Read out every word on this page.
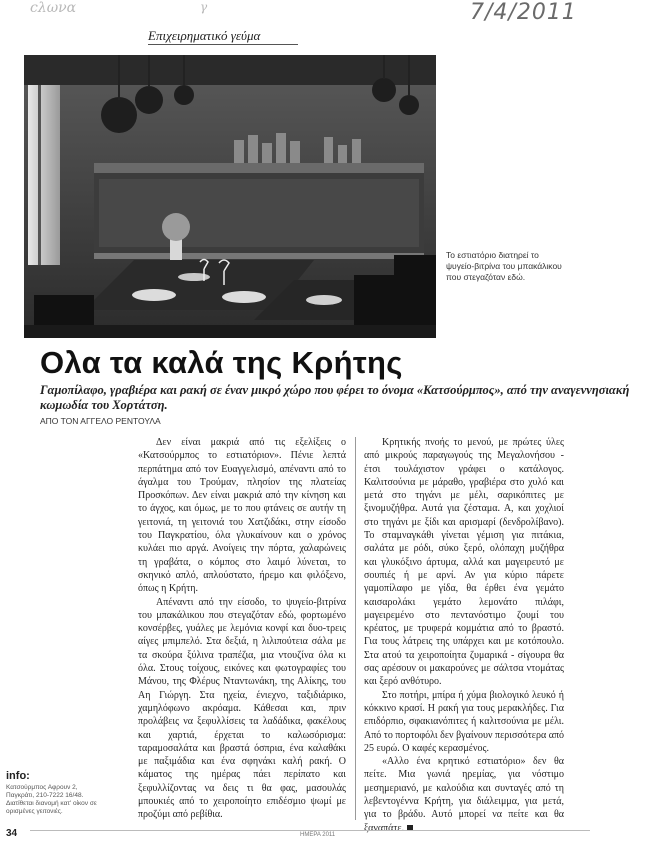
cλωνα	γ	7/4/2011
Επιχειρηματικό γεύμα
Το εστιατόριο διατηρεί το ψυγείο-βιτρίνα του μπακάλικου που στεγαζόταν εδώ.
Ολα τα καλά της Κρήτης
Γαμοπίλαφο, γραβιέρα και ρακή σε έναν μικρό χώρο που φέρει το όνομα «Κατσούρμπος», από την αναγεννησιακή κωμωδία του Χορτάτση.
ΑΠΟ ΤΟΝ ΑΓΓΕΛΟ ΡΕΝΤΟΥΛΑ

Δεν είναι μακριά από τις εξελίξεις ο «Κατσούρμπος το εστιατόριον». Πένιε λεπτά περπάτημα από τον Ευαγγελισμό, απέναντι από το άγαλμα του Τρούμαν, πλησίον της πλατείας Προσκόπων. Δεν είναι μακριά από την κίνηση και το άγχος, και όμως, με το που φτάνεις σε αυτήν τη γειτονιά, τη γειτονιά του Χατζιδάκι, στην είσοδο του Παγκρατίου, όλα γλυκαίνουν και ο χρόνος κυλάει πιο αργά. Ανοίγεις την πόρτα, χαλαρώνεις τη γραβάτα, ο κόμπος στο λαιμό λύνεται, το σκηνικό απλό, απλούστατο, ήρεμο και φιλόξενο, όπως η Κρήτη.

Απέναντι από την είσοδο, το ψυγείο-βιτρίνα του μπακάλικου που στεγαζόταν εδώ, φορτωμένο κονσέρβες, γυάλες με λεμόνια κονφί και δυο-τρεις αίγες μπιμπελό. Στα δεξιά, η λιλιπούτεια σάλα με τα σκούρα ξύλινα τραπέζια, μια ντουζίνα όλα κι όλα. Στους τοίχους, εικόνες και φωτογραφίες του Μάνου, της Φλέρυς Νταντωνάκη, της Αλίκης, του Αη Γιώργη. Στα ηχεία, ένιεχνο, ταξιδιάρικο, χαμηλόφωνο ακρόαμα. Κάθεσαι και, πριν προλάβεις να ξεφυλλίσεις τα λαδάδικα, φακέλους και χαρτιά, έρχεται το καλωσόρισμα: ταραμοσαλάτα και βραστά όσπρια, ένα καλαθάκι με παξιμάδια και ένα σφηνάκι καλή ρακή. Ο κάματος της ημέρας πάει περίπατο και ξεφυλλίζοντας να δεις τι θα φας, μασουλάς μπουκιές από το χειροποίητο επιδέσμιο ψωμί με προζύμι από ρεβίθια.

Κρητικής πνοής το μενού, με πρώτες ύλες από μικρούς παραγωγούς της Μεγαλονήσου - έτσι τουλάχιστον γράφει ο κατάλογος. Καλιτσούνια με μάραθο, γραβιέρα στο χυλό και μετά στο τηγάνι με μέλι, σαρικόπιτες με ξινομυζήθρα. Αυτά για ζέσταμα. Α, και χοχλιοί στο τηγάνι με ξίδι και αρισμαρί (δενδρολίβανο). Το σταμναγκάθι γίνεται γέμιση για πιτάκια, σαλάτα με ρόδι, σύκο ξερό, ολόπαχη μυζήθρα και γλυκόξινο άρτυμα, αλλά και μαγειρευτό με σουπιές ή με αρνί. Αν για κύριο πάρετε γαμοπίλαφο με γίδα, θα έρθει ένα γεμάτο καισαρολάκι γεμάτο λεμονάτο πιλάφι, μαγειρεμένο στο πεντανόστιμο ζουμί του κρέατος, με τρυφερά κομμάτια από το βραστό. Για τους λάτρεις της υπάρχει και με κοτόπουλο. Στα ατού τα χειροποίητα ζυμαρικά - σίγουρα θα σας αρέσουν οι μακαρούνες με σάλτσα ντομάτας και ξερό ανθότυρο.

Στο ποτήρι, μπίρα ή χύμα βιολογικό λευκό ή κόκκινο κρασί. Η ρακή για τους μερακλήδες. Για επιδόρπιο, σφακιανόπιτες ή καλιτσούνια με μέλι. Από το πορτοφόλι δεν βγαίνουν περισσότερα από 25 ευρώ. Ο καφές κερασμένος.

«Αλλο ένα κρητικό εστιατόριο» δεν θα πείτε. Μια γωνιά ηρεμίας, για νόστιμο μεσημεριανό, με καλούδια και συνταγές από τη λεβεντογέννα Κρήτη, για διάλειμμα, για μετά, για το βράδυ. Αυτό μπορεί να πείτε και θα ξαναπάτε.

info:
Κατσούρμπος Αφρουν 2, Παγκράτι, 210-7222 16/48. Διατίθεται διανομή κατ' οίκον σε ορισμένες γειτονιές.
34	ΗΜΕΡΑ 2011
